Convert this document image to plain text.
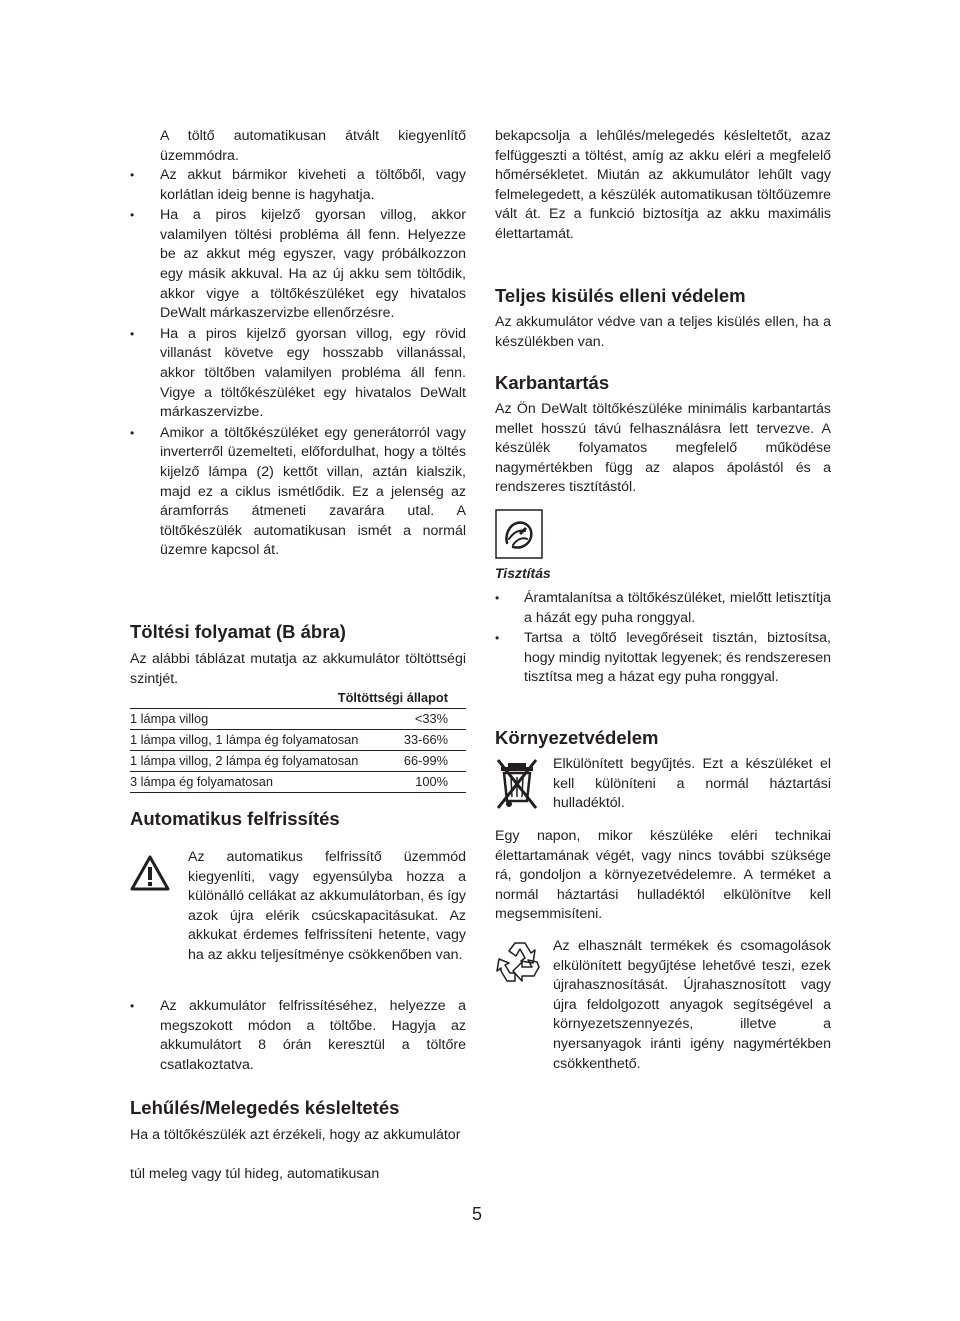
A töltő automatikusan átvált kiegyenlítő üzemmódra.

• Az akkut bármikor kiveheti a töltőből, vagy korlátlan ideig benne is hagyhatja.
• Ha a piros kijelző gyorsan villog, akkor valamilyen töltési probléma áll fenn. Helyezze be az akkut még egyszer, vagy próbálkozzon egy másik akkuval. Ha az új akku sem töltődik, akkor vigye a töltőkészüléket egy hivatalos DeWalt márkaszervizbe ellenőrzésre.
• Ha a piros kijelző gyorsan villog, egy rövid villanást követve egy hosszabb villanással, akkor töltőben valamilyen probléma áll fenn. Vigye a töltőkészüléket egy hivatalos DeWalt márkaszervizbe.
• Amikor a töltőkészüléket egy generátorról vagy inverterről üzemelteti, előfordulhat, hogy a töltés kijelző lámpa (2) kettőt villan, aztán kialszik, majd ez a ciklus ismétlődik. Ez a jelenség az áramforrás átmeneti zavarára utal. A töltőkészülék automatikusan ismét a normál üzemre kapcsol át.
Töltési folyamat (B ábra)

Az alábbi táblázat mutatja az akkumulátor töltöttségi szintjét.

Töltöttségi állapot	
1 lámpa villog	<33%
1 lámpa villog, 1 lámpa ég folyamatosan	33-66%
1 lámpa villog, 2 lámpa ég folyamatosan	66-99%
3 lámpa ég folyamatosan	100%
Automatikus felfrissítés

Az automatikus felfrissítő üzemmód kiegyenlíti, vagy egyensúlyba hozza a különálló cellákat az akkumulátorban, és így azok újra elérik csúcskapacitásukat. Az akkukat érdemes felfrissíteni hetente, vagy ha az akku teljesítménye csökkenőben van.

• Az akkumulátor felfrissítéséhez, helyezze a megszokott módon a töltőbe. Hagyja az akkumulátort 8 órán keresztül a töltőre csatlakoztatva.
Lehűlés/Melegedés késleltetés

Ha a töltőkészülék azt érzékeli, hogy az akkumulátor

túl meleg vagy túl hideg, automatikusan

bekapcsolja a lehűlés/melegedés késleltetőt, azaz felfüggeszti a töltést, amíg az akku eléri a megfelelő hőmérsékletet. Miután az akkumulátor lehűlt vagy felmelegedett, a készülék automatikusan töltőüzemre vált át. Ez a funkció biztosítja az akku maximális élettartamát.

Teljes kisülés elleni védelem

Az akkumulátor védve van a teljes kisülés ellen, ha a készülékben van.

Karbantartás

Az Ön DeWalt töltőkészüléke minimális karbantartás mellet hosszú távú felhasználásra lett tervezve. A készülék folyamatos megfelelő működése nagymértékben függ az alapos ápolástól és a rendszeres tisztítástól.

Tisztítás
• Áramtalanítsa a töltőkészüléket, mielőtt letisztítja a házát egy puha ronggyal.
• Tartsa a töltő levegőréseit tisztán, biztosítsa, hogy mindig nyitottak legyenek; és rendszeresen tisztítsa meg a házat egy puha ronggyal.
Környezetvédelem

Elkülönített begyűjtés. Ezt a készüléket el kell különíteni a normál háztartási hulladéktól.

Egy napon, mikor készüléke eléri technikai élettartamának végét, vagy nincs további szüksége rá, gondoljon a környezetvédelemre. A terméket a normál háztartási hulladéktól elkülönítve kell megsemmisíteni.

Az elhasznált termékek és csomagolások elkülönített begyűjtése lehetővé teszi, ezek újrahasznosítását. Újrahasznosított vagy újra feldolgozott anyagok segítségével a környezetszennyezés, illetve a nyersanyagok iránti igény nagymértékben csökkenthető.

5
